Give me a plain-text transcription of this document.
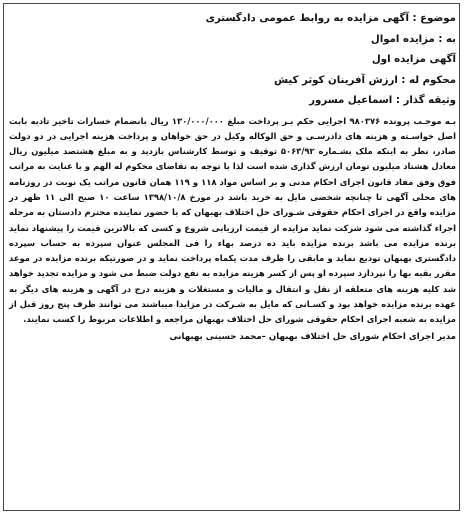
موضوع : آگهی مزایده به روابط عمومی دادگستری

به : مزایده اموال

آگهی مزایده اول

محکوم له : ارزش آفرینان کوثر کیش

وثیقه گذار : اسماعیل مسرور

بـه موجـب پرونده ۹۸۰۳۷۶ اجرایی حکم بـر پرداخت مبلغ ۱۳۰/۰۰۰/۰۰۰ ریال بانضمام خسارات تاخیر تادیه بابت اصل خواسـته و هزینه های دادرسـی و حق الوکاله وکیل در حق خواهان و پرداخت هزینه اجرایی در دو دولت صادر، نظر به اینکه ملک بشـماره ۵۰۶۳/۹۲ توقیف و توسط کارشناس بازدید و به مبلغ هشتصد میلیون ریال معادل هشتاد میلیون تومان ارزش گذاری شده است لذا با توجه به تقاضای محکوم له الهم و با عنایت به مراتب فوق وفق مفاد قانون اجرای احکام مدنی و بر اساس مواد ۱۱۸ و ۱۱۹ همان قانون مراتب یک نوبت در روزنامه های محلی آگهی تا چنانچه شخصی مایل به خرید باشد در مورخ ۱۳۹۸/۱۰/۸ ساعت ۱۰ صبح الی ۱۱ ظهر در مزایده واقع در اجرای احکام حقوقی شـورای حل اختلاف بهبهان که با حضور نماینده محترم دادستان به مرحله اجراء گذاشته می شود شرکت نماید مزایده از قیمت ارزیابی شروع و کسی که بالاترین قیمت را پیشنهاد نماید برنده مزایده می باشد برنده مزایده باید ده درصد بهاء را فی المجلس عنوان سپرده به حساب سپرده دادگستری بهبهان تودیع نماید و مابقی را ظرف مدت یکماه پرداخت نماید و در صورتیکه برنده مزایده در موعد مقرر بقیه بها را نپردازد سپرده او پس از کسر هزینه مزایده به نفع دولت ضبط می شود و مزایده تجدید خواهد شد کلیه هزینه های متعلقه از نقل و انتقال و مالیات و مستغلات و هزینه درج در آگهی و هزینه های دیگر به عهده برنده مزایده خواهد بود و کسـانی که مایل به شـرکت در مزایدا میباشند می توانند ظرف پنج روز قبل از مزایده به شعبه اجرای احکام حقوقی شورای حل اختلاف بهبهان مراجعه و اطلاعات مربوط را کسب نمایند.

مدیر اجرای احکام شورای حل اختلاف بهبهان –محمد حسینی بهبهانی
